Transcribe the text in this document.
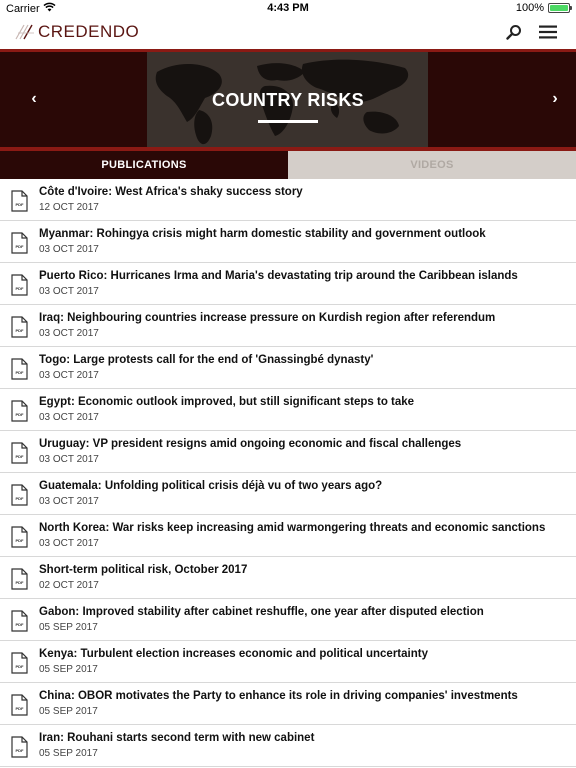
Carrier	4:43 PM	100%
CREDENDO
‹	COUNTRY RISKS	›
PUBLICATIONS	VIDEOS
PDF
Côte d'Ivoire: West Africa's shaky success story
12 OCT 2017
PDF
Myanmar: Rohingya crisis might harm domestic stability and government outlook
03 OCT 2017
PDF
Puerto Rico: Hurricanes Irma and Maria's devastating trip around the Caribbean islands
03 OCT 2017
PDF
Iraq: Neighbouring countries increase pressure on Kurdish region after referendum
03 OCT 2017
PDF
Togo: Large protests call for the end of 'Gnassingbé dynasty'
03 OCT 2017
PDF
Egypt: Economic outlook improved, but still significant steps to take
03 OCT 2017
PDF
Uruguay: VP president resigns amid ongoing economic and fiscal challenges
03 OCT 2017
PDF
Guatemala: Unfolding political crisis déjà vu of two years ago?
03 OCT 2017
PDF
North Korea: War risks keep increasing amid warmongering threats and economic sanctions
03 OCT 2017
PDF
Short-term political risk, October 2017
02 OCT 2017
PDF
Gabon: Improved stability after cabinet reshuffle, one year after disputed election
05 SEP 2017
PDF
Kenya: Turbulent election increases economic and political uncertainty
05 SEP 2017
PDF
China: OBOR motivates the Party to enhance its role in driving companies' investments
05 SEP 2017
PDF
Iran: Rouhani starts second term with new cabinet
05 SEP 2017
